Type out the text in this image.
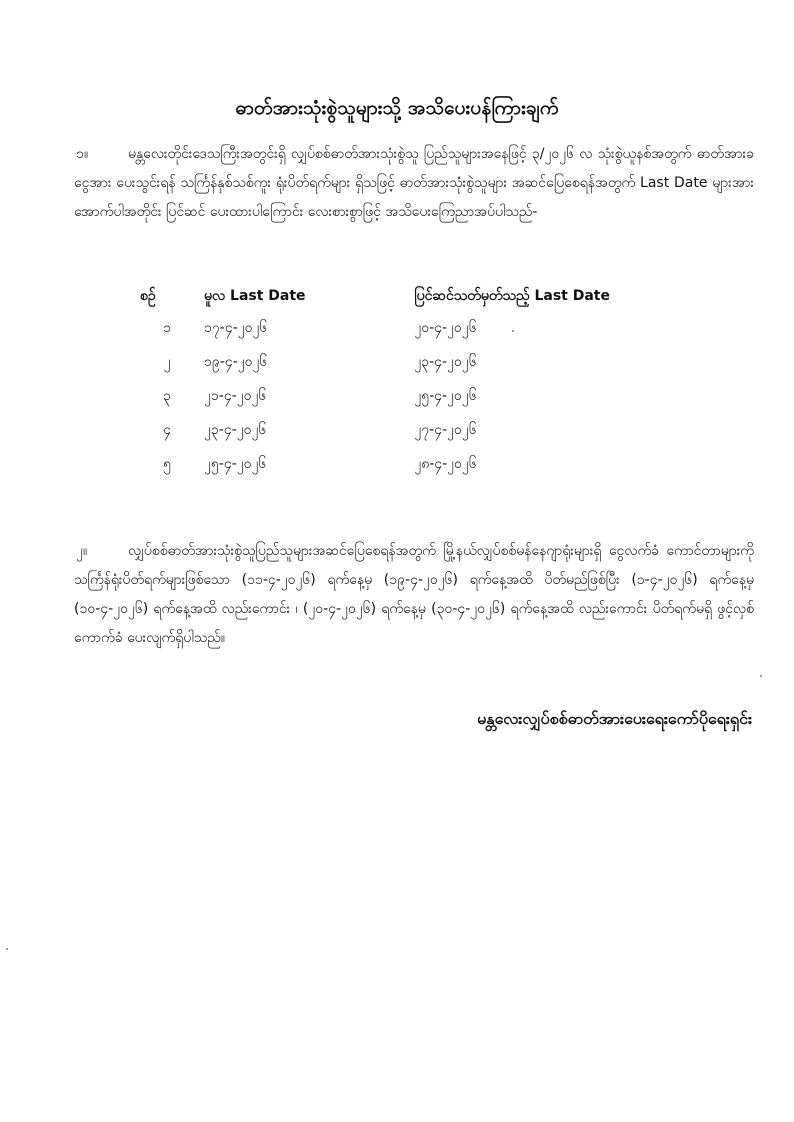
ဓာတ်အားသုံးစွဲသူများသို့ အသိပေးပန်ကြားချက်
၁။	မန္တလေးတိုင်းဒေသကြီးအတွင်းရှိ လျှပ်စစ်ဓာတ်အားသုံးစွဲသူ ပြည်သူများအနေဖြင့် ၃/၂၀၂၆ လ သုံးစွဲယူနစ်အတွက် ဓာတ်အားခငွေအား ပေးသွင်းရန် သင်္ကြန်နှစ်သစ်ကူး ရုံးပိတ်ရက်များ ရှိသဖြင့် ဓာတ်အားသုံးစွဲသူများ အဆင်ပြေစေရန်အတွက် Last Date များအား အောက်ပါအတိုင်း ပြင်ဆင် ပေးထားပါကြောင်း လေးစားစွာဖြင့် အသိပေးကြေညာအပ်ပါသည်-
စဉ်	မူလ Last Date	ပြင်ဆင်သတ်မှတ်သည့် Last Date
၁	၁၇-၄-၂၀၂၆	၂၀-၄-၂၀၂၆
၂	၁၉-၄-၂၀၂၆	၂၃-၄-၂၀၂၆
၃	၂၁-၄-၂၀၂၆	၂၅-၄-၂၀၂၆
၄	၂၃-၄-၂၀၂၆	၂၇-၄-၂၀၂၆
၅	၂၅-၄-၂၀၂၆	၂၈-၄-၂၀၂၆
၂။	လျှပ်စစ်ဓာတ်အားသုံးစွဲသူပြည်သူများအဆင်ပြေစေရန်အတွက် မြို့နယ်လျှပ်စစ်မန်နေဂျာရုံးများရှိ ငွေလက်ခံ ကောင်တာများကို သင်္ကြန်ရုံးပိတ်ရက်များဖြစ်သော (၁၁-၄-၂၀၂၆) ရက်နေ့မှ (၁၉-၄-၂၀၂၆) ရက်နေ့အထိ ပိတ်မည်ဖြစ်ပြီး (၁-၄-၂၀၂၆) ရက်နေ့မှ (၁၀-၄-၂၀၂၆) ရက်နေ့အထိ လည်းကောင်း ၊ (၂၀-၄-၂၀၂၆) ရက်နေ့မှ (၃၀-၄-၂၀၂၆) ရက်နေ့အထိ လည်းကောင်း ပိတ်ရက်မရှိ ဖွင့်လှစ်ကောက်ခံ ပေးလျက်ရှိပါသည်။
မန္တလေးလျှပ်စစ်ဓာတ်အားပေးရေးကော်ပိုရေးရှင်း
